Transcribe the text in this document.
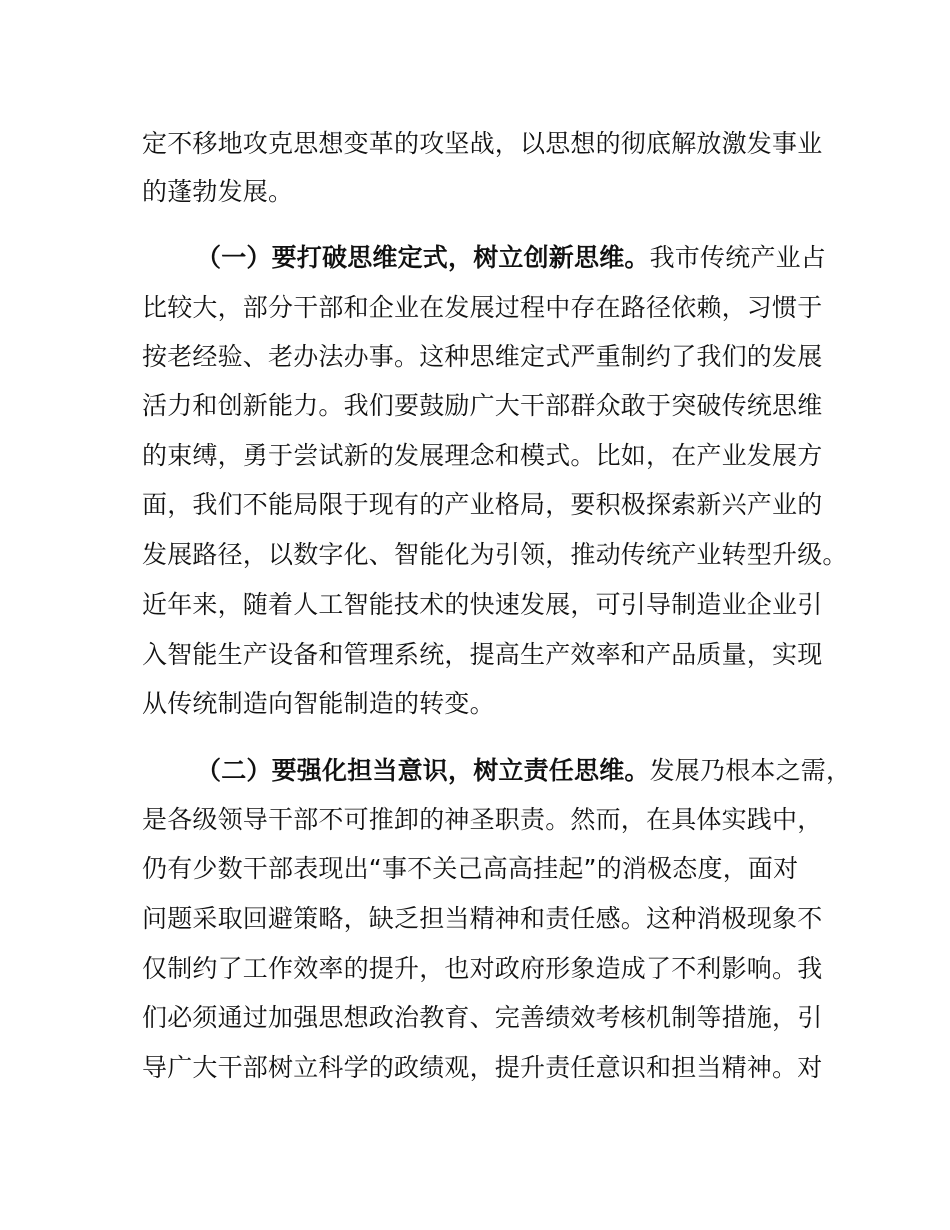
定不移地攻克思想变革的攻坚战，以思想的彻底解放激发事业
的蓬勃发展。
（一）要打破思维定式，树立创新思维。我市传统产业占
比较大，部分干部和企业在发展过程中存在路径依赖，习惯于
按老经验、老办法办事。这种思维定式严重制约了我们的发展
活力和创新能力。我们要鼓励广大干部群众敢于突破传统思维
的束缚，勇于尝试新的发展理念和模式。比如，在产业发展方
面，我们不能局限于现有的产业格局，要积极探索新兴产业的
发展路径，以数字化、智能化为引领，推动传统产业转型升级。
近年来，随着人工智能技术的快速发展，可引导制造业企业引
入智能生产设备和管理系统，提高生产效率和产品质量，实现
从传统制造向智能制造的转变。
（二）要强化担当意识，树立责任思维。发展乃根本之需，
是各级领导干部不可推卸的神圣职责。然而，在具体实践中，
仍有少数干部表现出“事不关己高高挂起”的消极态度，面对
问题采取回避策略，缺乏担当精神和责任感。这种消极现象不
仅制约了工作效率的提升，也对政府形象造成了不利影响。我
们必须通过加强思想政治教育、完善绩效考核机制等措施，引
导广大干部树立科学的政绩观，提升责任意识和担当精神。对
